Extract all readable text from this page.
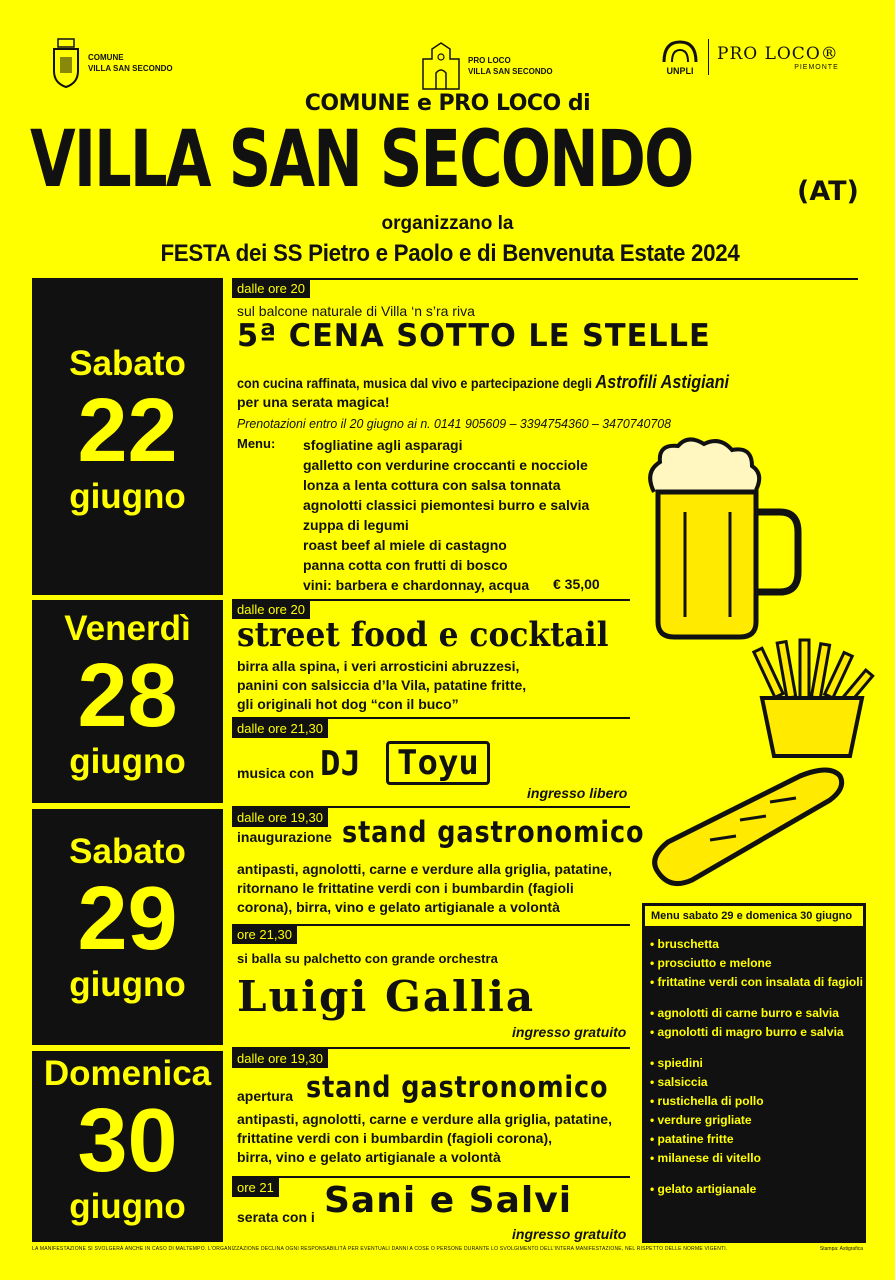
COMUNE
VILLA SAN SECONDO

PRO LOCO
VILLA SAN SECONDO

	UNPLI
PRO LOCO®
PIEMONTE
COMUNE e PRO LOCO di
VILLA SAN SECONDO	(AT)
organizzano la
FESTA dei SS Pietro e Paolo e di Benvenuta Estate 2024
Sabato
22
giugno
Venerdì
28
giugno
Sabato
29
giugno
Domenica
30
giugno
dalle ore 20
sul balcone naturale di Villa ‘n s’ra riva
5ª CENA SOTTO LE STELLE
con cucina raffinata, musica dal vivo e partecipazione degli Astrofili Astigiani
per una serata magica!
Prenotazioni entro il 20 giugno ai n. 0141 905609 – 3394754360 – 3470740708
Menu: sfogliatine agli asparagi
galletto con verdurine croccanti e nocciole
lonza a lenta cottura con salsa tonnata
agnolotti classici piemontesi burro e salvia
zuppa di legumi
roast beef al miele di castagno
panna cotta con frutti di bosco
vini: barbera e chardonnay, acqua	€ 35,00
dalle ore 20
street food e cocktail
birra alla spina, i veri arrosticini abruzzesi,
panini con salsiccia d’la Vila, patatine fritte,
gli originali hot dog “con il buco”
dalle ore 21,30
musica con DJ	Toyu
ingresso libero
dalle ore 19,30
inaugurazione stand gastronomico
antipasti, agnolotti, carne e verdure alla griglia, patatine,
ritornano le frittatine verdi con i bumbardin (fagioli
corona), birra, vino e gelato artigianale a volontà
ore 21,30
si balla su palchetto con grande orchestra
Luigi Gallia
ingresso gratuito
dalle ore 19,30
apertura stand gastronomico
antipasti, agnolotti, carne e verdure alla griglia, patatine,
frittatine verdi con i bumbardin (fagioli corona),
birra, vino e gelato artigianale a volontà
ore 21
serata con i Sani e Salvi
ingresso gratuito
Menu sabato 29 e domenica 30 giugno
• bruschetta
• prosciutto e melone
• frittatine verdi con insalata di fagioli
• agnolotti di carne burro e salvia
• agnolotti di magro burro e salvia
• spiedini
• salsiccia
• rustichella di pollo
• verdure grigliate
• patatine fritte
• milanese di vitello
• gelato artigianale
LA MANIFESTAZIONE SI SVOLGERÀ ANCHE IN CASO DI MALTEMPO. L'ORGANIZZAZIONE DECLINA OGNI RESPONSABILITÀ PER EVENTUALI DANNI A COSE O PERSONE DURANTE LO SVOLGIMENTO DELL'INTERA MANIFESTAZIONE, NEL RISPETTO DELLE NORME VIGENTI.	Stampa: Astigrafica
